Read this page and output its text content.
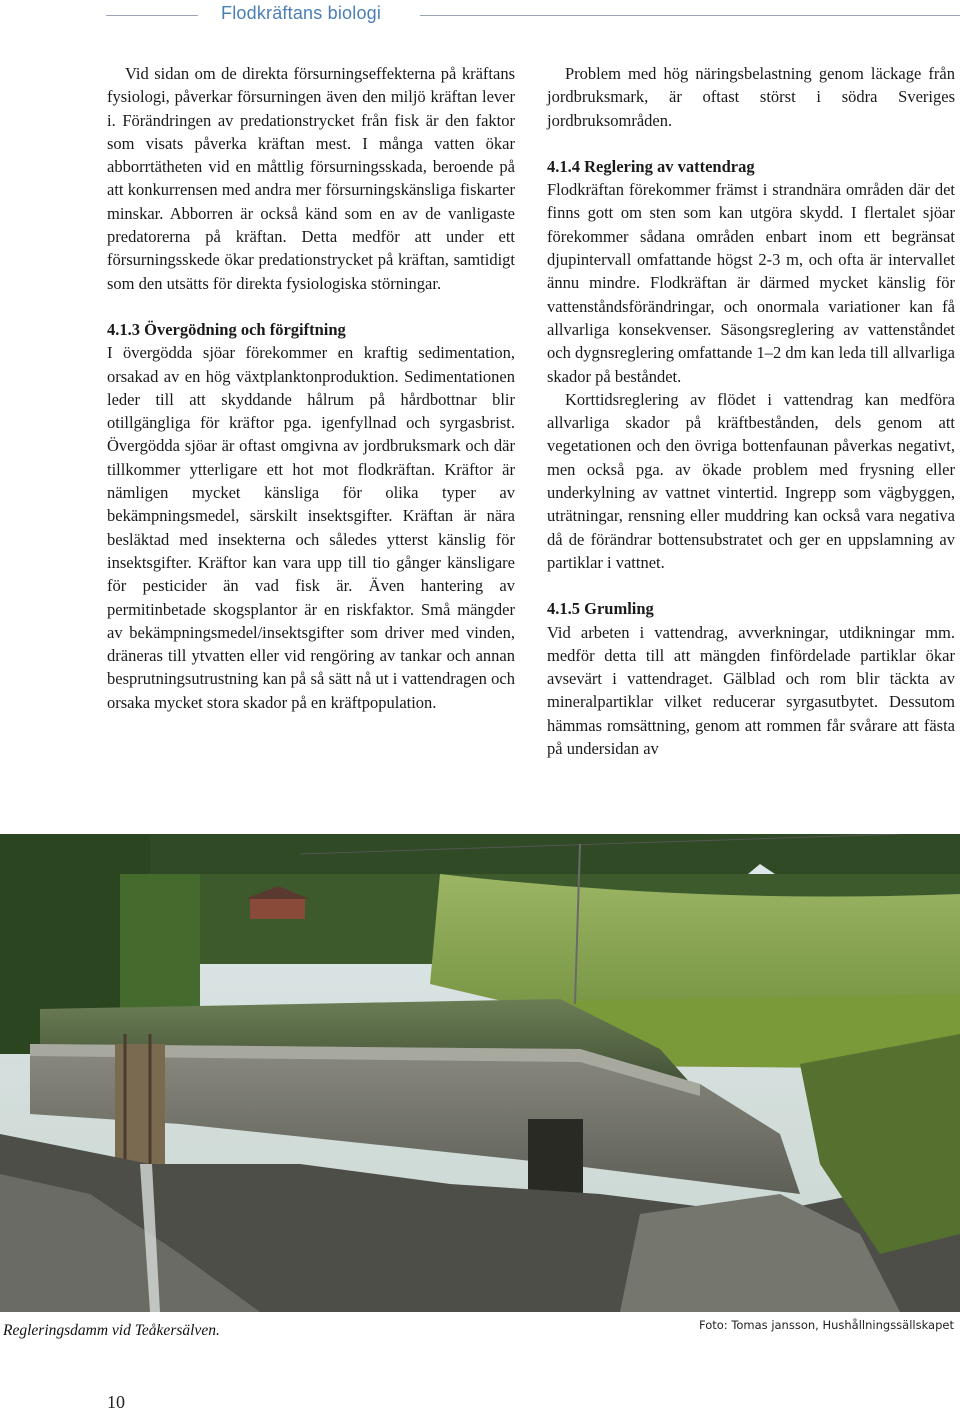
Flodkräftans biologi

Vid sidan om de direkta försurningseffekterna på kräftans fysiologi, påverkar försurningen även den miljö kräftan lever i. Förändringen av predationstrycket från fisk är den faktor som visats påverka kräftan mest. I många vatten ökar abborrtätheten vid en måttlig försurningsskada, beroende på att konkurrensen med andra mer försurningskänsliga fiskarter minskar. Abborren är också känd som en av de vanligaste predatorerna på kräftan. Detta medför att under ett försurningsskede ökar predationstrycket på kräftan, samtidigt som den utsätts för direkta fysiologiska störningar.

4.1.3 Övergödning och förgiftning

I övergödda sjöar förekommer en kraftig sedimentation, orsakad av en hög växtplanktonproduktion. Sedimentationen leder till att skyddande hålrum på hårdbottnar blir otillgängliga för kräftor pga. igenfyllnad och syrgasbrist. Övergödda sjöar är oftast omgivna av jordbruksmark och där tillkommer ytterligare ett hot mot flodkräftan. Kräftor är nämligen mycket känsliga för olika typer av bekämpningsmedel, särskilt insektsgifter. Kräftan är nära besläktad med insekterna och således ytterst känslig för insektsgifter. Kräftor kan vara upp till tio gånger känsligare för pesticider än vad fisk är. Även hantering av permitinbetade skogsplantor är en riskfaktor. Små mängder av bekämpningsmedel/insektsgifter som driver med vinden, dräneras till ytvatten eller vid rengöring av tankar och annan besprutningsutrustning kan på så sätt nå ut i vattendragen och orsaka mycket stora skador på en kräftpopulation.

Problem med hög näringsbelastning genom läckage från jordbruksmark, är oftast störst i södra Sveriges jordbruksområden.

4.1.4 Reglering av vattendrag

Flodkräftan förekommer främst i strandnära områden där det finns gott om sten som kan utgöra skydd. I flertalet sjöar förekommer sådana områden enbart inom ett begränsat djupintervall omfattande högst 2-3 m, och ofta är intervallet ännu mindre. Flodkräftan är därmed mycket känslig för vattenståndsförändringar, och onormala variationer kan få allvarliga konsekvenser. Säsongsreglering av vattenståndet och dygnsreglering omfattande 1–2 dm kan leda till allvarliga skador på beståndet.

Korttidsreglering av flödet i vattendrag kan medföra allvarliga skador på kräftbestånden, dels genom att vegetationen och den övriga bottenfaunan påverkas negativt, men också pga. av ökade problem med frysning eller underkylning av vattnet vintertid. Ingrepp som vägbyggen, uträtningar, rensning eller muddring kan också vara negativa då de förändrar bottensubstratet och ger en uppslamning av partiklar i vattnet.

4.1.5 Grumling

Vid arbeten i vattendrag, avverkningar, utdikningar mm. medför detta till att mängden finfördelade partiklar ökar avsevärt i vattendraget. Gälblad och rom blir täckta av mineralpartiklar vilket reducerar syrgasutbytet. Dessutom hämmas romsättning, genom att rommen får svårare att fästa på undersidan av

Regleringsdamm vid Teåkersälven.	Foto: Tomas jansson, Hushållningssällskapet
10
